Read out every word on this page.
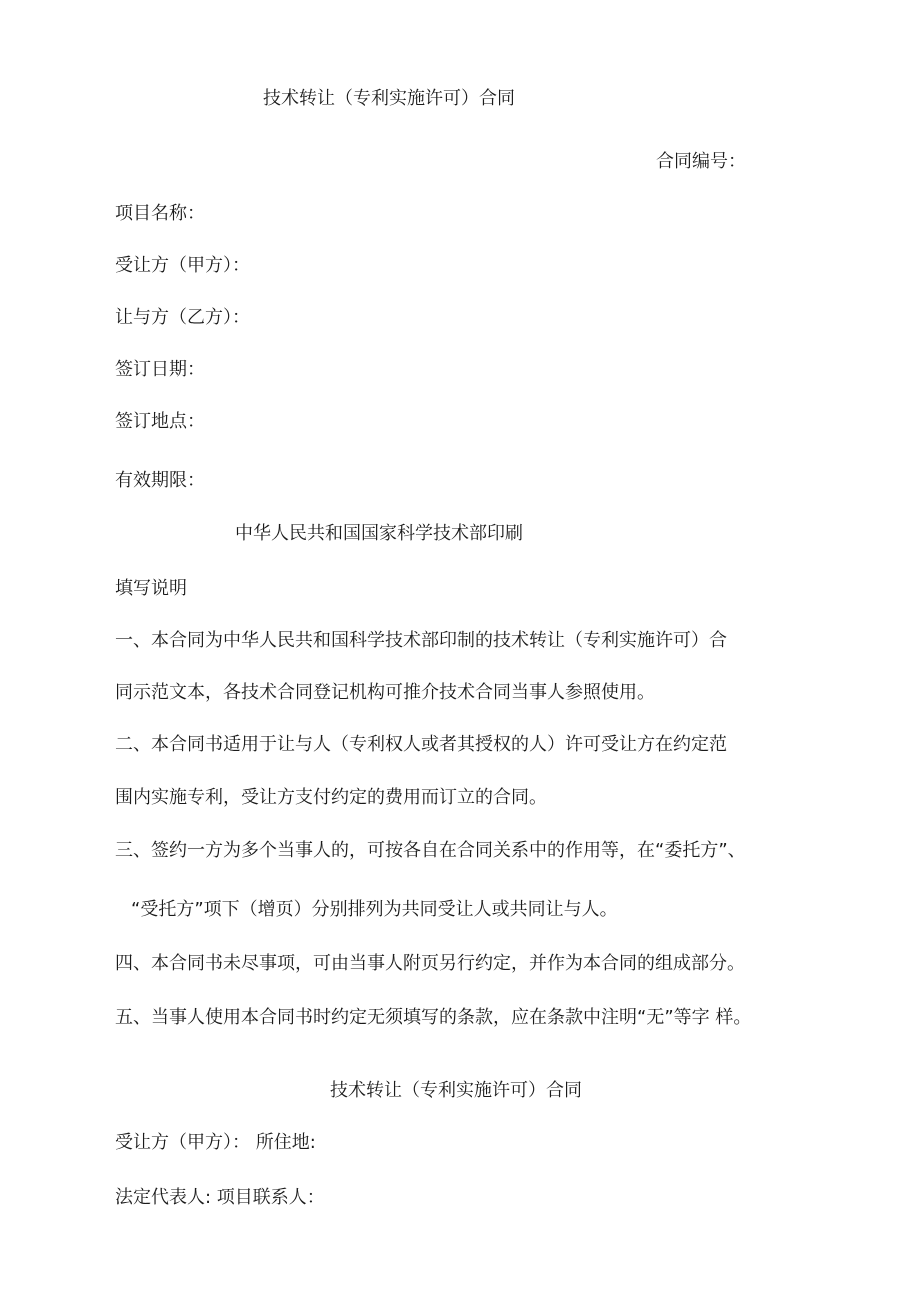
技术转让（专利实施许可）合同
合同编号：
项目名称：
受让方（甲方）：
让与方（乙方）：
签订日期：
签订地点：
有效期限：
中华人民共和国国家科学技术部印刷
填写说明
一、本合同为中华人民共和国科学技术部印制的技术转让（专利实施许可）合
同示范文本，各技术合同登记机构可推介技术合同当事人参照使用。
二、本合同书适用于让与人（专利权人或者其授权的人）许可受让方在约定范
围内实施专利，受让方支付约定的费用而订立的合同。
三、签约一方为多个当事人的，可按各自在合同关系中的作用等，在“委托方”、
“受托方”项下（增页）分别排列为共同受让人或共同让与人。
四、本合同书未尽事项，可由当事人附页另行约定，并作为本合同的组成部分。
五、当事人使用本合同书时约定无须填写的条款，应在条款中注明“无”等字 样。
技术转让（专利实施许可）合同
受让方（甲方）： 所住地:
法定代表人: 项目联系人：
